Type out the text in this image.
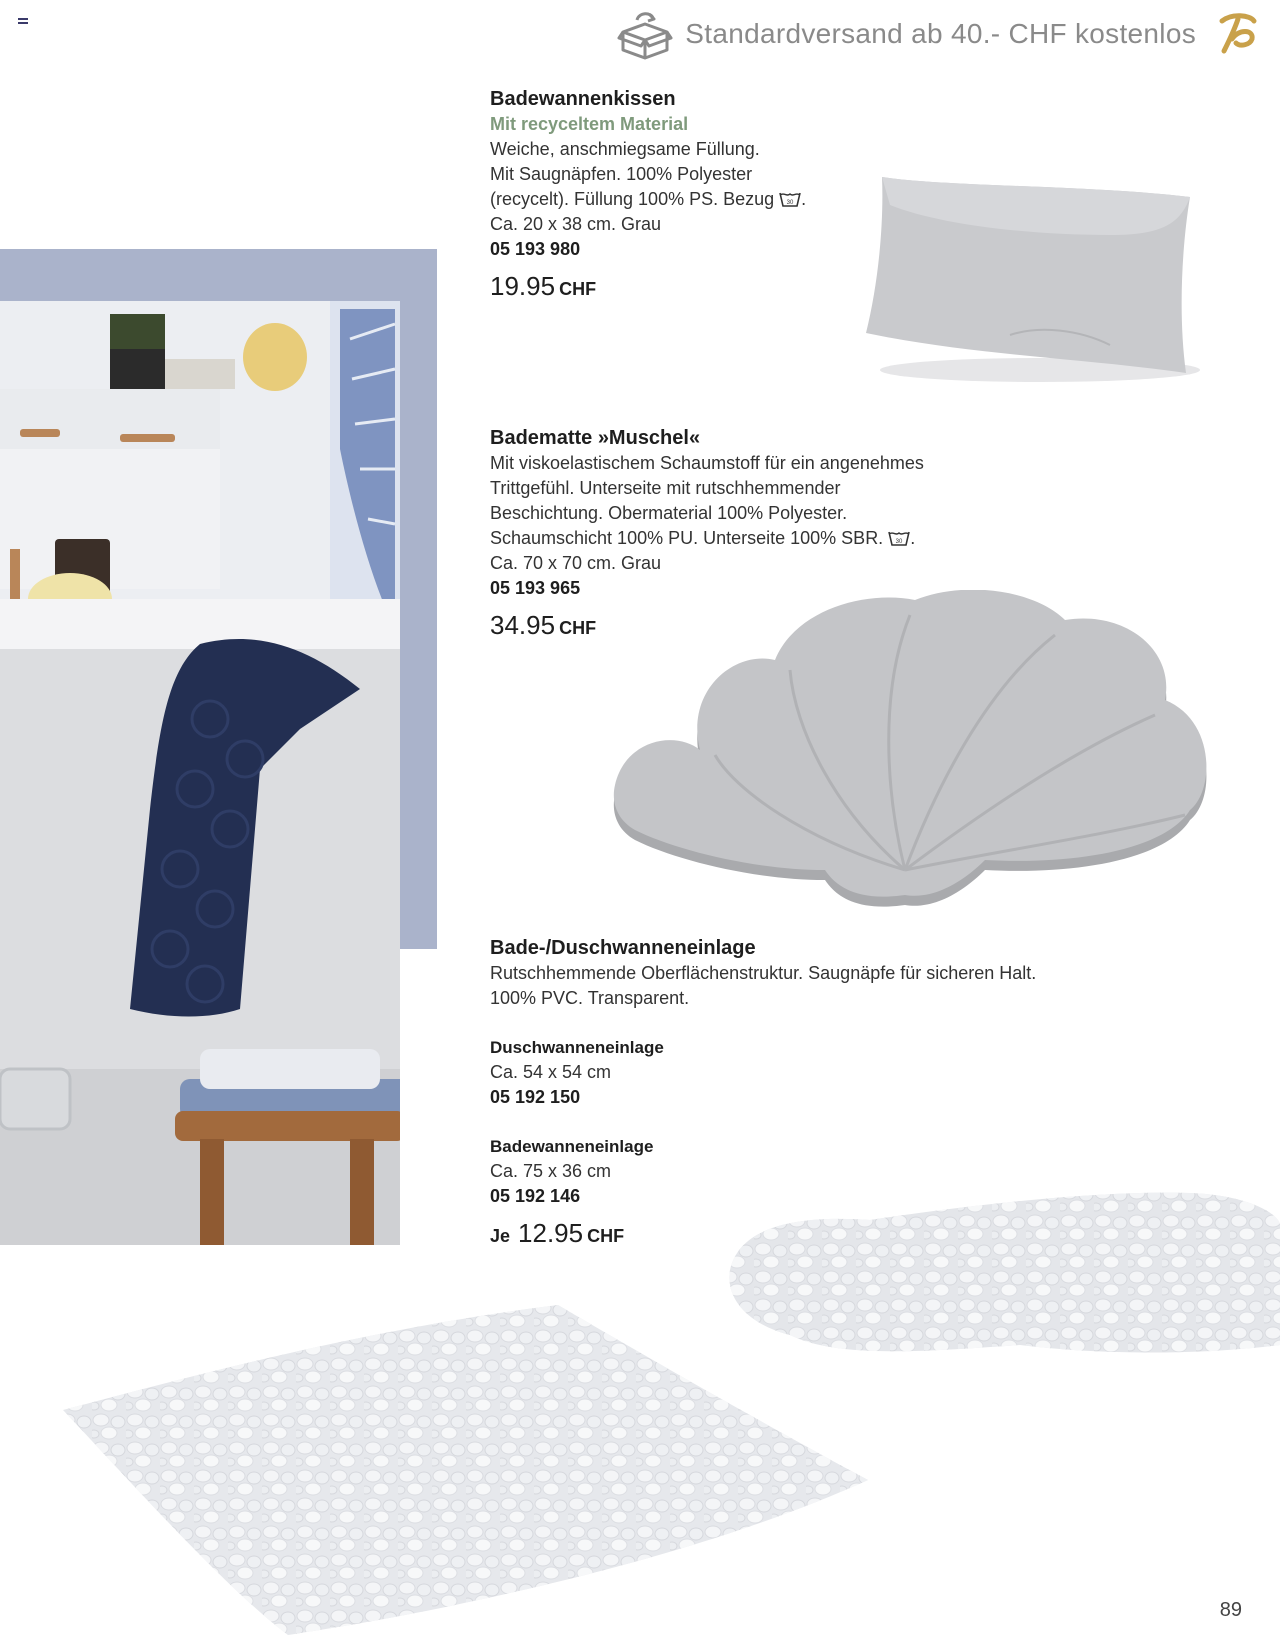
Standardversand ab 40.- CHF kostenlos
Badewannenkissen
Mit recyceltem Material
Weiche, anschmiegsame Füllung.
Mit Saugnäpfen. 100% Polyester
(recycelt). Füllung 100% PS. Bezug 30 .
Ca. 20 x 38 cm. Grau
05 193 980
19.95 CHF
Badematte »Muschel«
Mit viskoelastischem Schaumstoff für ein angenehmes
Trittgefühl. Unterseite mit rutschhemmender
Beschichtung. Obermaterial 100% Polyester.
Schaumschicht 100% PU. Unterseite 100% SBR. 30 .
Ca. 70 x 70 cm. Grau
05 193 965
34.95 CHF
Bade-/Duschwanneneinlage
Rutschhemmende Oberflächenstruktur. Saugnäpfe für sicheren Halt.
100% PVC. Transparent.
Duschwanneneinlage
Ca. 54 x 54 cm
05 192 150
Badewanneneinlage
Ca. 75 x 36 cm
05 192 146
Je 12.95 CHF
89
